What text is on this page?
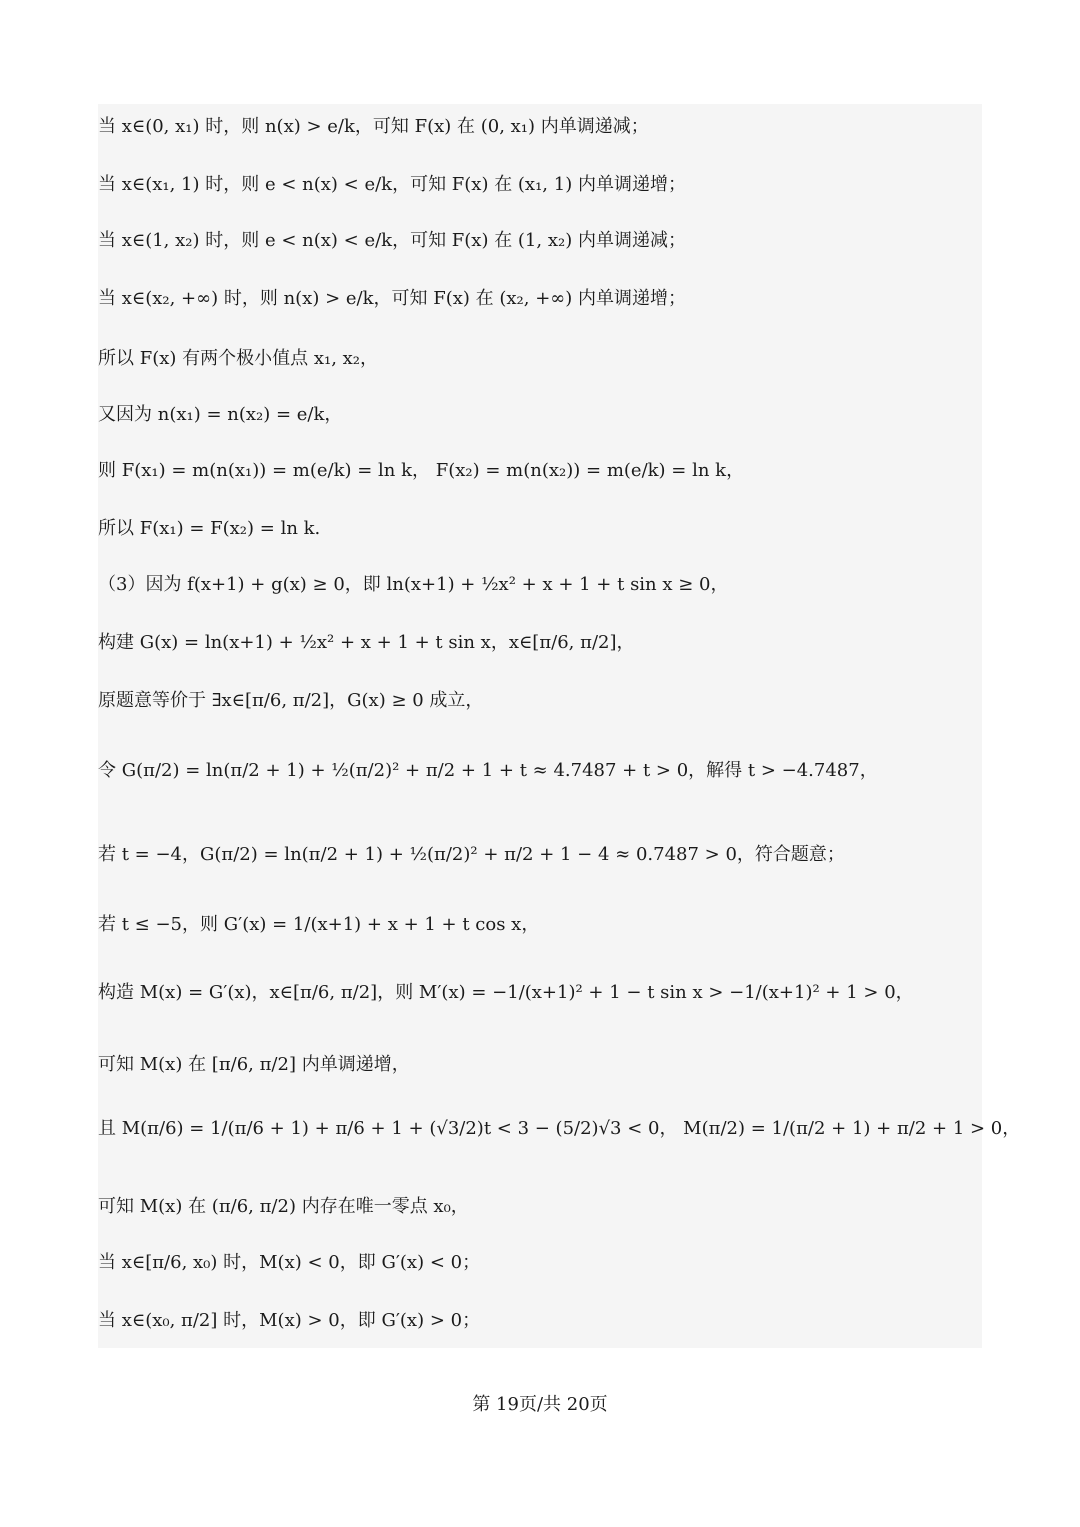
当 x∈(0, x₁) 时，则 n(x) > e/k，可知 F(x) 在 (0, x₁) 内单调递减；
当 x∈(x₁, 1) 时，则 e < n(x) < e/k，可知 F(x) 在 (x₁, 1) 内单调递增；
当 x∈(1, x₂) 时，则 e < n(x) < e/k，可知 F(x) 在 (1, x₂) 内单调递减；
当 x∈(x₂, +∞) 时，则 n(x) > e/k，可知 F(x) 在 (x₂, +∞) 内单调递增；
所以 F(x) 有两个极小值点 x₁, x₂，
又因为 n(x₁) = n(x₂) = e/k，
则 F(x₁) = m(n(x₁)) = m(e/k) = ln k， F(x₂) = m(n(x₂)) = m(e/k) = ln k，
所以 F(x₁) = F(x₂) = ln k.
（3）因为 f(x+1) + g(x) ≥ 0，即 ln(x+1) + ½x² + x + 1 + t sin x ≥ 0，
构建 G(x) = ln(x+1) + ½x² + x + 1 + t sin x，x∈[π/6, π/2]，
原题意等价于 ∃x∈[π/6, π/2]，G(x) ≥ 0 成立，
令 G(π/2) = ln(π/2 + 1) + ½(π/2)² + π/2 + 1 + t ≈ 4.7487 + t > 0，解得 t > −4.7487，
若 t = −4，G(π/2) = ln(π/2 + 1) + ½(π/2)² + π/2 + 1 − 4 ≈ 0.7487 > 0，符合题意；
若 t ≤ −5，则 G′(x) = 1/(x+1) + x + 1 + t cos x，
构造 M(x) = G′(x)，x∈[π/6, π/2]，则 M′(x) = −1/(x+1)² + 1 − t sin x > −1/(x+1)² + 1 > 0，
可知 M(x) 在 [π/6, π/2] 内单调递增，
且 M(π/6) = 1/(π/6 + 1) + π/6 + 1 + (√3/2)t < 3 − (5/2)√3 < 0， M(π/2) = 1/(π/2 + 1) + π/2 + 1 > 0，
可知 M(x) 在 (π/6, π/2) 内存在唯一零点 x₀，
当 x∈[π/6, x₀) 时，M(x) < 0，即 G′(x) < 0；
当 x∈(x₀, π/2] 时，M(x) > 0，即 G′(x) > 0；
第 19页/共 20页
